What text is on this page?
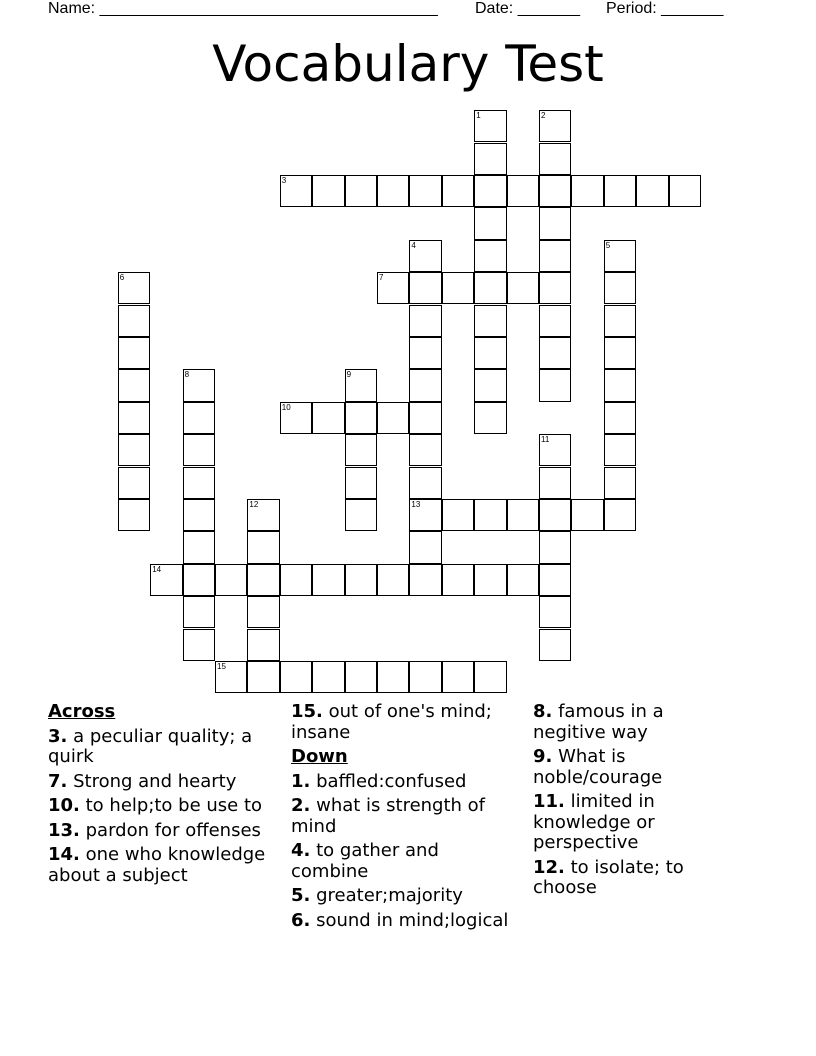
Name: ______________________________________ Date: _______ Period: _______
Vocabulary Test
1	2
3
4	5
6	7
8	9
10
11
12	13
14
15
Across
3. a peculiar quality; a quirk
7. Strong and hearty
10. to help;to be use to
13. pardon for offenses
14. one who knowledge about a subject
15. out of one's mind; insane
Down
1. baffled:confused
2. what is strength of mind
4. to gather and combine
5. greater;majority
6. sound in mind;logical
8. famous in a negitive way
9. What is noble/courage
11. limited in knowledge or perspective
12. to isolate; to choose
